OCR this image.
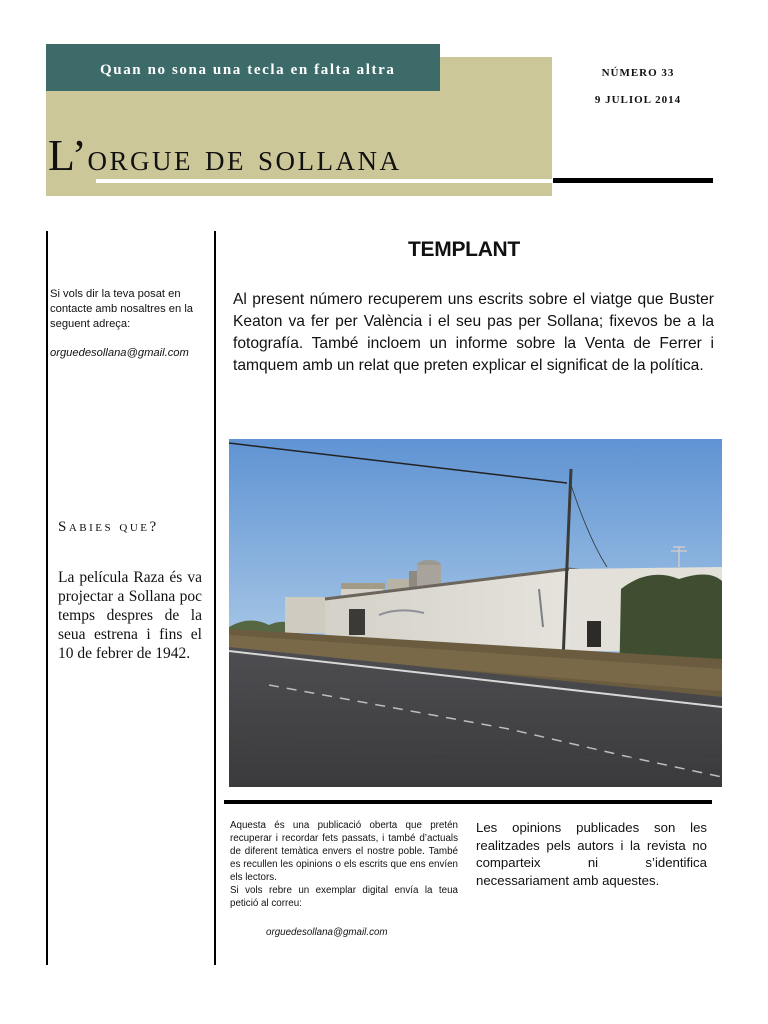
Quan no sona una tecla en falta altra
L’orgue de sollana
NÚMERO 33
9 JULIOL 2014
Si vols dir la teva posat en contacte amb nosaltres en la seguent adreça:
orguedesollana@gmail.com
Sabies que?
La película Raza és va projectar a Sollana poc temps despres de la seua estrena i fins el 10 de febrer de 1942.
TEMPLANT
Al present número recuperem uns escrits sobre el viatge que Buster Keaton va fer per València i el seu pas per Sollana; fixevos be a la fotografía. També incloem un informe sobre la Venta de Ferrer i tamquem amb un relat que preten explicar el significat de la política.
Aquesta és una publicació oberta que pretén recuperar i recordar fets passats, i també d’actuals de diferent temàtica envers el nostre poble. També es recullen les opinions o els escrits que ens envíen els lectors.
Si vols rebre un exemplar digital envía la teua petició al correu:
orguedesollana@gmail.com
Les opinions publicades son les realitzades pels autors i la revista no comparteix ni s’identifica necessariament amb aquestes.
